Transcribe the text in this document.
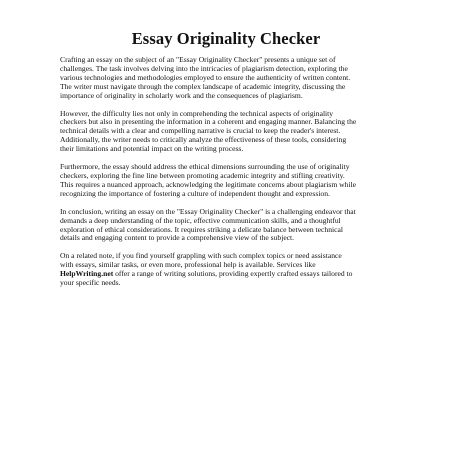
Essay Originality Checker

Crafting an essay on the subject of an "Essay Originality Checker" presents a unique set of
challenges. The task involves delving into the intricacies of plagiarism detection, exploring the
various technologies and methodologies employed to ensure the authenticity of written content.
The writer must navigate through the complex landscape of academic integrity, discussing the
importance of originality in scholarly work and the consequences of plagiarism.

However, the difficulty lies not only in comprehending the technical aspects of originality
checkers but also in presenting the information in a coherent and engaging manner. Balancing the
technical details with a clear and compelling narrative is crucial to keep the reader's interest.
Additionally, the writer needs to critically analyze the effectiveness of these tools, considering
their limitations and potential impact on the writing process.

Furthermore, the essay should address the ethical dimensions surrounding the use of originality
checkers, exploring the fine line between promoting academic integrity and stifling creativity.
This requires a nuanced approach, acknowledging the legitimate concerns about plagiarism while
recognizing the importance of fostering a culture of independent thought and expression.

In conclusion, writing an essay on the "Essay Originality Checker" is a challenging endeavor that
demands a deep understanding of the topic, effective communication skills, and a thoughtful
exploration of ethical considerations. It requires striking a delicate balance between technical
details and engaging content to provide a comprehensive view of the subject.

On a related note, if you find yourself grappling with such complex topics or need assistance
with essays, similar tasks, or even more, professional help is available. Services like
HelpWriting.net offer a range of writing solutions, providing expertly crafted essays tailored to
your specific needs.
